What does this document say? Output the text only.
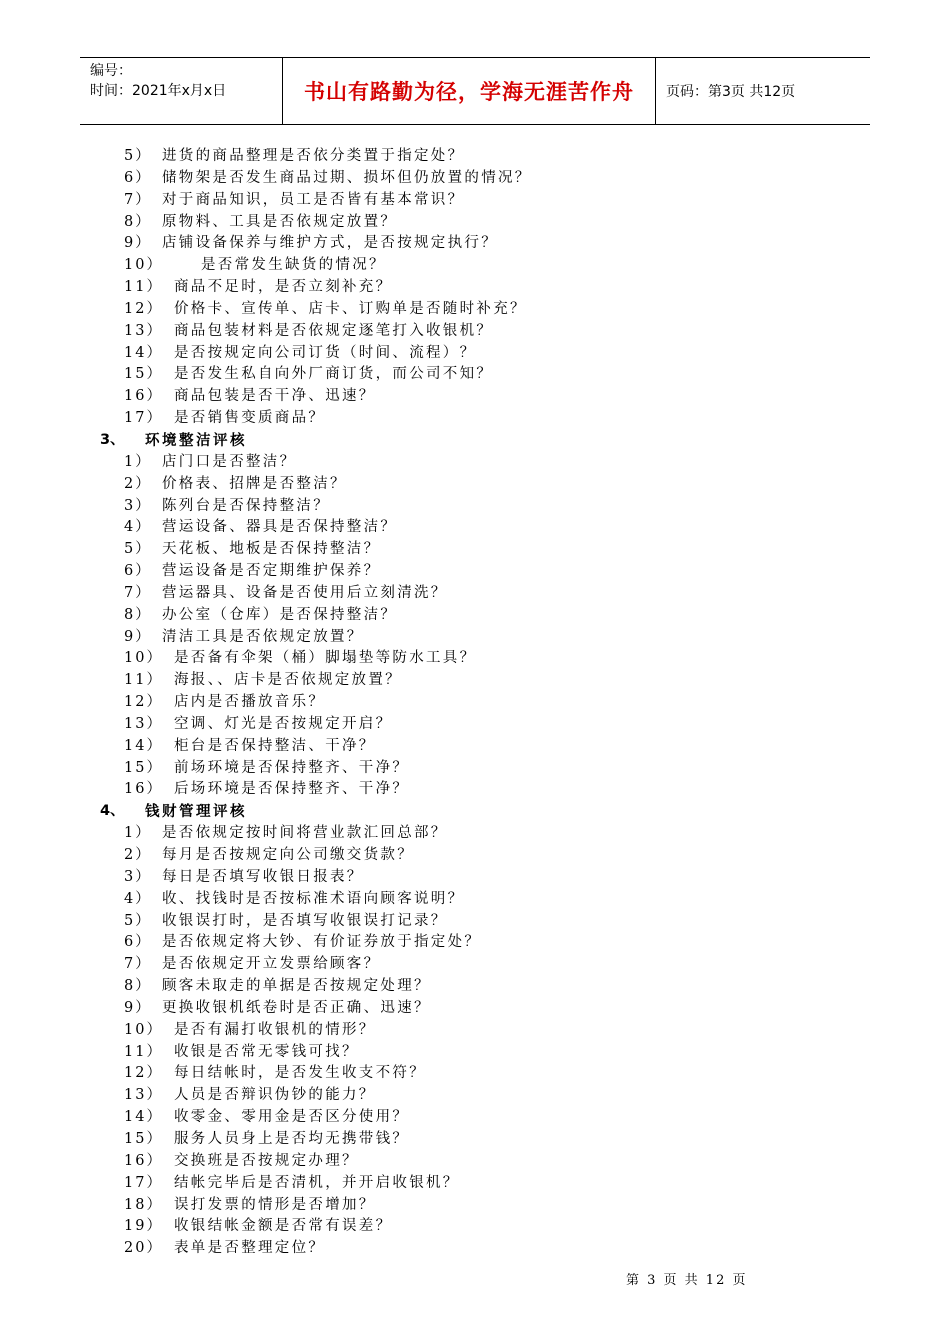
编号：
时间：2021年x月x日	书山有路勤为径，学海无涯苦作舟 页码：第3页 共12页
5） 进货的商品整理是否依分类置于指定处？
6） 储物架是否发生商品过期、损坏但仍放置的情况？
7） 对于商品知识，员工是否皆有基本常识？
8） 原物料、工具是否依规定放置？
9） 店铺设备保养与维护方式，是否按规定执行？
10）	是否常发生缺货的情况？
11） 商品不足时，是否立刻补充？
12） 价格卡、宣传单、店卡、订购单是否随时补充？
13） 商品包装材料是否依规定逐笔打入收银机？
14） 是否按规定向公司订货（时间、流程）？
15） 是否发生私自向外厂商订货，而公司不知？
16） 商品包装是否干净、迅速？
17） 是否销售变质商品？
3、 环境整洁评核
1） 店门口是否整洁？
2） 价格表、招牌是否整洁？
3） 陈列台是否保持整洁？
4） 营运设备、器具是否保持整洁？
5） 天花板、地板是否保持整洁？
6） 营运设备是否定期维护保养？
7） 营运器具、设备是否使用后立刻清洗？
8） 办公室（仓库）是否保持整洁？
9） 清洁工具是否依规定放置？
10） 是否备有伞架（桶）脚塌垫等防水工具？
11） 海报、、店卡是否依规定放置？
12） 店内是否播放音乐？
13） 空调、灯光是否按规定开启？
14） 柜台是否保持整洁、干净？
15） 前场环境是否保持整齐、干净？
16） 后场环境是否保持整齐、干净？
4、 钱财管理评核
1） 是否依规定按时间将营业款汇回总部？
2） 每月是否按规定向公司缴交货款？
3） 每日是否填写收银日报表？
4） 收、找钱时是否按标准术语向顾客说明？
5） 收银误打时，是否填写收银误打记录？
6） 是否依规定将大钞、有价证券放于指定处？
7） 是否依规定开立发票给顾客？
8） 顾客未取走的单据是否按规定处理？
9） 更换收银机纸卷时是否正确、迅速？
10） 是否有漏打收银机的情形？
11） 收银是否常无零钱可找？
12） 每日结帐时，是否发生收支不符？
13） 人员是否辩识伪钞的能力？
14） 收零金、零用金是否区分使用？
15） 服务人员身上是否均无携带钱？
16） 交换班是否按规定办理？
17） 结帐完毕后是否清机，并开启收银机？
18） 误打发票的情形是否增加？
19） 收银结帐金额是否常有误差？
20） 表单是否整理定位？
第 3 页 共 12 页
